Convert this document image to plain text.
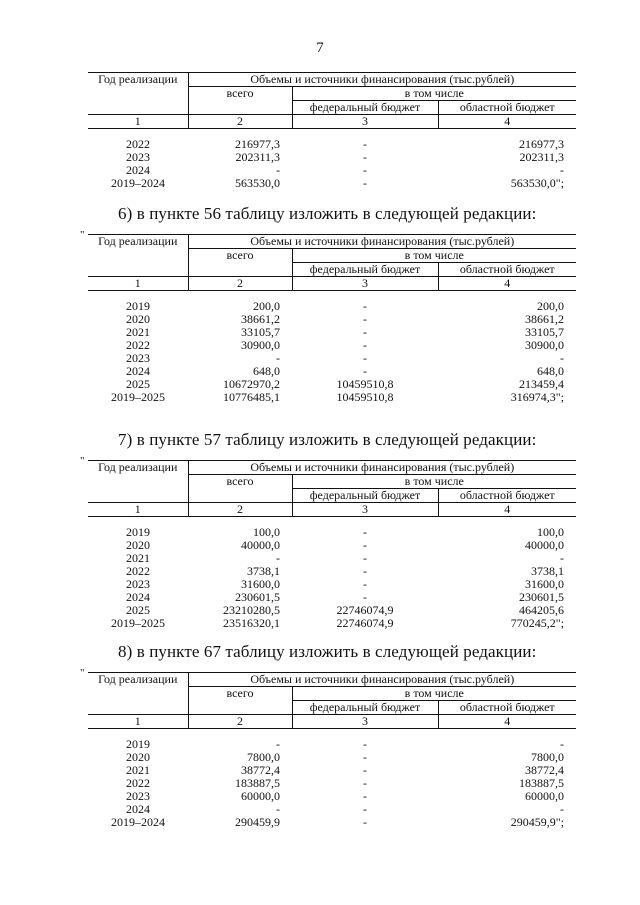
7
Год реализации	Объемы и источники финансирования (тыс.рублей)		
	всего	в том числе	
		федеральный бюджет	областной бюджет
1	2	3	4

2022	216977,3	-	216977,3
2023	202311,3	-	202311,3
2024	-	-	-
2019–2024	563530,0	-	563530,0";
6) в пункте 56 таблицу изложить в следующей редакции:
" Год реализации	Объемы и источники финансирования (тыс.рублей)		
	всего	в том числе	
		федеральный бюджет	областной бюджет
1	2	3	4

2019	200,0	-	200,0
2020	38661,2	-	38661,2
2021	33105,7	-	33105,7
2022	30900,0	-	30900,0
2023	-	-	-
2024	648,0	-	648,0
2025	10672970,2	10459510,8	213459,4
2019–2025	10776485,1	10459510,8	316974,3";
7) в пункте 57 таблицу изложить в следующей редакции:
" Год реализации	Объемы и источники финансирования (тыс.рублей)		
	всего	в том числе	
		федеральный бюджет	областной бюджет
1	2	3	4

2019	100,0	-	100,0
2020	40000,0	-	40000,0
2021	-	-	-
2022	3738,1	-	3738,1
2023	31600,0	-	31600,0
2024	230601,5	-	230601,5
2025	23210280,5	22746074,9	464205,6
2019–2025	23516320,1	22746074,9	770245,2";
8) в пункте 67 таблицу изложить в следующей редакции:
" Год реализации	Объемы и источники финансирования (тыс.рублей)		
	всего	в том числе	
		федеральный бюджет	областной бюджет
1	2	3	4

2019	-	-	-
2020	7800,0	-	7800,0
2021	38772,4	-	38772,4
2022	183887,5	-	183887,5
2023	60000,0	-	60000,0
2024	-	-	-
2019–2024	290459,9	-	290459,9";
